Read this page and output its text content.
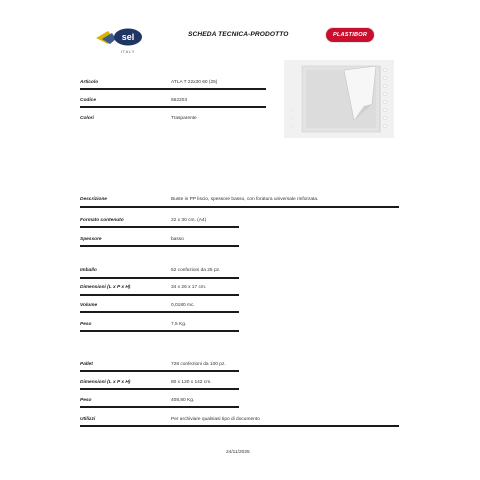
sel
ITALY
SCHEDA TECNICA-PRODOTTO	PLASTIBOR
Articolo	ATLA T 22x30 60 (25)
Codice	662203
Colori	Trasparente
Descrizione	Buste in PP liscio, spessore basso, con foratura universale rinforzata.
Formato contenuto	22 x 30 cm. (A4)
Spessore	basso
Imballo	52 confezioni da 25 pz.
Dimensioni (L x P x H)	34 x 26 x 17 cm.
Volume	0,0180 mc.
Peso	7,5 Kg.
Pallet	728 confezioni da 100 pz.
Dimensioni (L x P x H)	80 x 120 x 142 cm.
Peso	408,80 Kg.
Utilizzi	Per archiviare qualsiasi tipo di documento
24/11/2025
